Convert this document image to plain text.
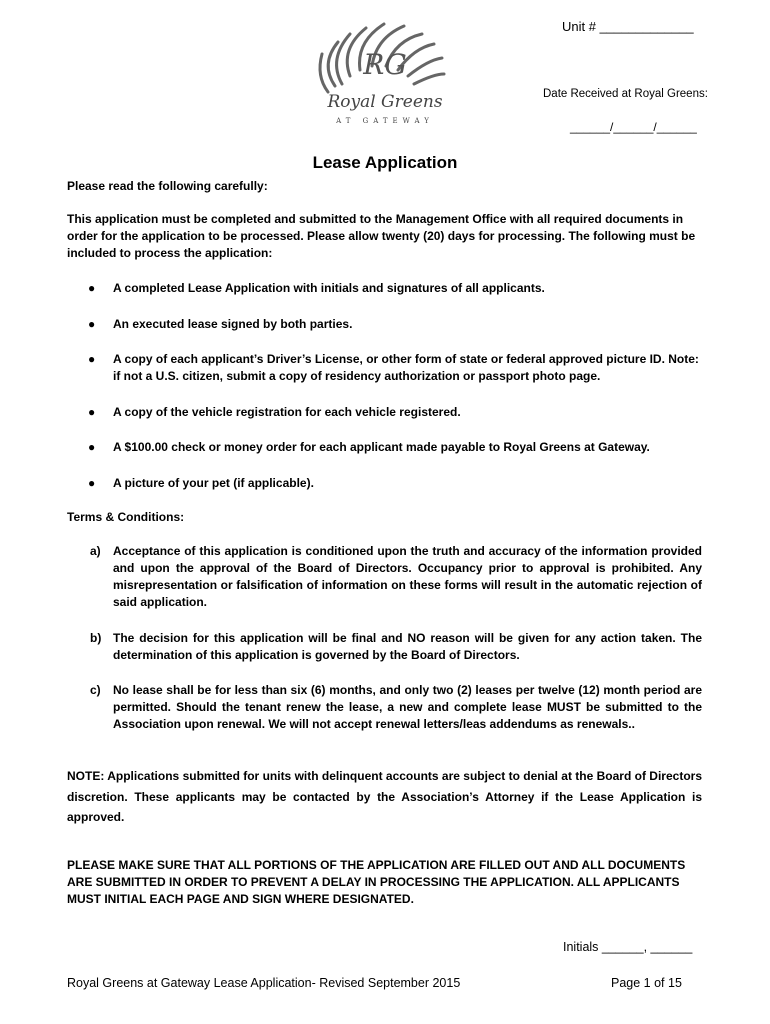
RG
Royal Greens
AT GATEWAY
Unit # _____________
Date Received at Royal Greens:
______/______/______
Lease Application
Please read the following carefully:
This application must be completed and submitted to the Management Office with all required documents in order for the application to be processed. Please allow twenty (20) days for processing. The following must be included to process the application:
● A completed Lease Application with initials and signatures of all applicants.
● An executed lease signed by both parties.
● A copy of each applicant’s Driver’s License, or other form of state or federal approved picture ID. Note: if not a U.S. citizen, submit a copy of residency authorization or passport photo page.
● A copy of the vehicle registration for each vehicle registered.
● A $100.00 check or money order for each applicant made payable to Royal Greens at Gateway.
● A picture of your pet (if applicable).
Terms & Conditions:
a) Acceptance of this application is conditioned upon the truth and accuracy of the information provided and upon the approval of the Board of Directors. Occupancy prior to approval is prohibited. Any misrepresentation or falsification of information on these forms will result in the automatic rejection of said application.
b) The decision for this application will be final and NO reason will be given for any action taken. The determination of this application is governed by the Board of Directors.
c) No lease shall be for less than six (6) months, and only two (2) leases per twelve (12) month period are permitted. Should the tenant renew the lease, a new and complete lease MUST be submitted to the Association upon renewal. We will not accept renewal letters/leas addendums as renewals..
NOTE: Applications submitted for units with delinquent accounts are subject to denial at the Board of Directors discretion. These applicants may be contacted by the Association’s Attorney if the Lease Application is approved.
PLEASE MAKE SURE THAT ALL PORTIONS OF THE APPLICATION ARE FILLED OUT AND ALL DOCUMENTS ARE SUBMITTED IN ORDER TO PREVENT A DELAY IN PROCESSING THE APPLICATION. ALL APPLICANTS MUST INITIAL EACH PAGE AND SIGN WHERE DESIGNATED.
Initials ______, ______
Royal Greens at Gateway Lease Application- Revised September 2015	Page 1 of 15
